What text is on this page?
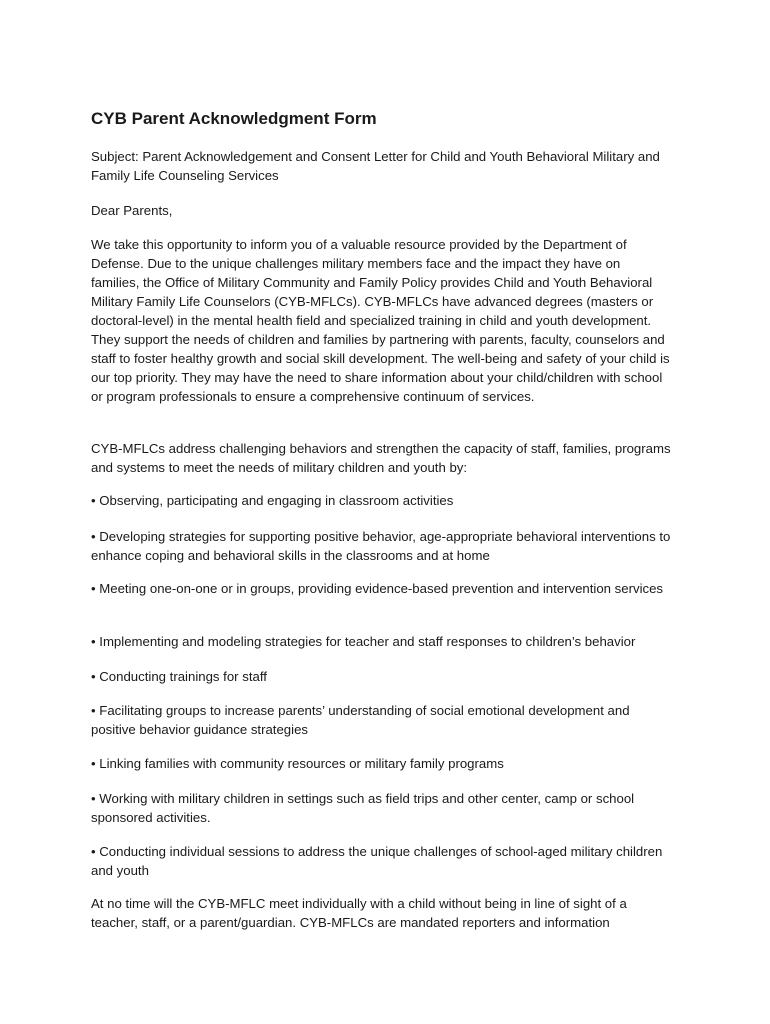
CYB Parent Acknowledgment Form

Subject: Parent Acknowledgement and Consent Letter for Child and Youth Behavioral Military and Family Life Counseling Services

Dear Parents,

We take this opportunity to inform you of a valuable resource provided by the Department of Defense. Due to the unique challenges military members face and the impact they have on families, the Office of Military Community and Family Policy provides Child and Youth Behavioral Military Family Life Counselors (CYB-MFLCs). CYB-MFLCs have advanced degrees (masters or doctoral-level) in the mental health field and specialized training in child and youth development. They support the needs of children and families by partnering with parents, faculty, counselors and staff to foster healthy growth and social skill development. The well-being and safety of your child is our top priority. They may have the need to share information about your child/children with school or program professionals to ensure a comprehensive continuum of services.

CYB-MFLCs address challenging behaviors and strengthen the capacity of staff, families, programs and systems to meet the needs of military children and youth by:

• Observing, participating and engaging in classroom activities

• Developing strategies for supporting positive behavior, age-appropriate behavioral interventions to enhance coping and behavioral skills in the classrooms and at home

• Meeting one-on-one or in groups, providing evidence-based prevention and intervention services

• Implementing and modeling strategies for teacher and staff responses to children’s behavior

• Conducting trainings for staff

• Facilitating groups to increase parents’ understanding of social emotional development and positive behavior guidance strategies

• Linking families with community resources or military family programs

• Working with military children in settings such as field trips and other center, camp or school sponsored activities.

• Conducting individual sessions to address the unique challenges of school-aged military children and youth

At no time will the CYB-MFLC meet individually with a child without being in line of sight of a teacher, staff, or a parent/guardian. CYB-MFLCs are mandated reporters and information
